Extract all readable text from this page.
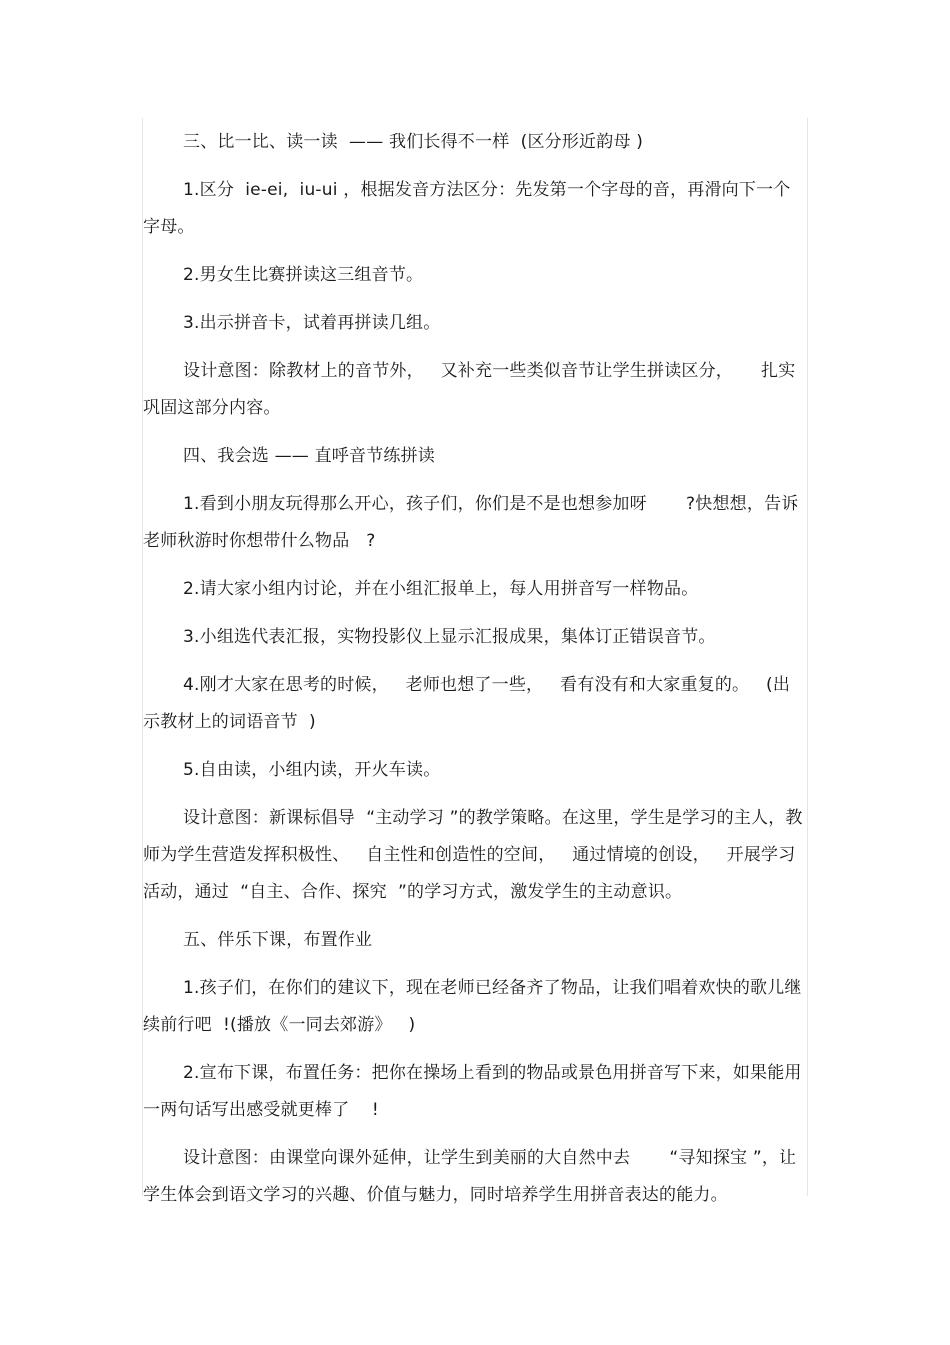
三、比一比、读一读  —— 我们长得不一样  (区分形近韵母 )

1.区分  ie-ei,  iu-ui ，根据发音方法区分：先发第一个字母的音，再滑向下一个字母。

2.男女生比赛拼读这三组音节。

3.出示拼音卡，试着再拼读几组。

设计意图：除教材上的音节外，   又补充一些类似音节让学生拼读区分，     扎实巩固这部分内容。

四、我会选 —— 直呼音节练拼读

1.看到小朋友玩得那么开心，孩子们，你们是不是也想参加呀       ?快想想，告诉老师秋游时你想带什么物品   ?

2.请大家小组内讨论，并在小组汇报单上，每人用拼音写一样物品。

3.小组选代表汇报，实物投影仪上显示汇报成果，集体订正错误音节。

4.刚才大家在思考的时候，   老师也想了一些，   看有没有和大家重复的。   (出示教材上的词语音节  )

5.自由读，小组内读，开火车读。

设计意图：新课标倡导  “主动学习 ”的教学策略。在这里，学生是学习的主人，教师为学生营造发挥积极性、   自主性和创造性的空间，   通过情境的创设，   开展学习活动，通过  “自主、合作、探究  ”的学习方式，激发学生的主动意识。

五、伴乐下课，布置作业

1.孩子们，在你们的建议下，现在老师已经备齐了物品，让我们唱着欢快的歌儿继续前行吧  !(播放《一同去郊游》   )

2.宣布下课，布置任务：把你在操场上看到的物品或景色用拼音写下来，如果能用一两句话写出感受就更棒了    !

设计意图：由课堂向课外延伸，让学生到美丽的大自然中去       “寻知探宝 ”，让学生体会到语文学习的兴趣、价值与魅力，同时培养学生用拼音表达的能力。
